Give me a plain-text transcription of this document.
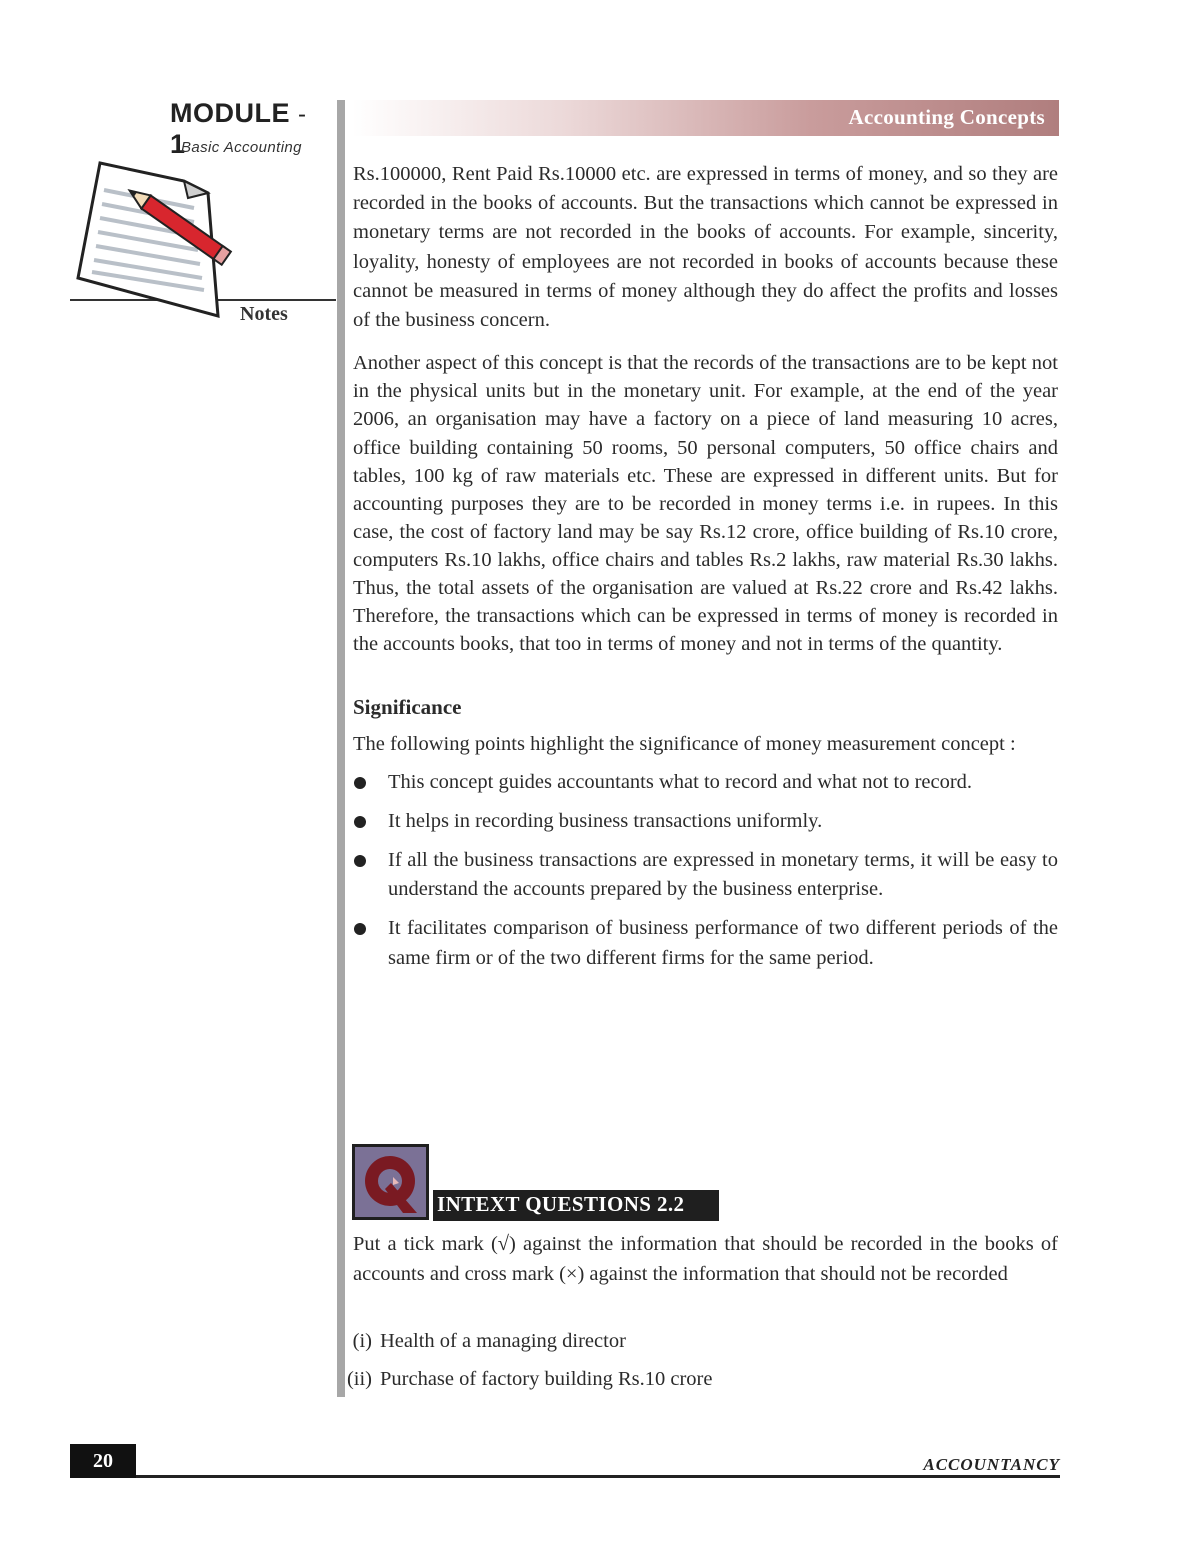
MODULE - 1
Basic Accounting
Notes
Accounting Concepts

Rs.100000, Rent Paid Rs.10000 etc. are expressed in terms of money, and so they are recorded in the books of accounts. But the transactions which cannot be expressed in monetary terms are not recorded in the books of accounts. For example, sincerity, loyality, honesty of employees are not recorded in books of accounts because these cannot be measured in terms of money although they do affect the profits and losses of the business concern.

Another aspect of this concept is that the records of the transactions are to be kept not in the physical units but in the monetary unit. For example, at the end of the year 2006, an organisation may have a factory on a piece of land measuring 10 acres, office building containing 50 rooms, 50 personal computers, 50 office chairs and tables, 100 kg of raw materials etc. These are expressed in different units. But for accounting purposes they are to be recorded in money terms i.e. in rupees. In this case, the cost of factory land may be say Rs.12 crore, office building of Rs.10 crore, computers Rs.10 lakhs, office chairs and tables Rs.2 lakhs, raw material Rs.30 lakhs. Thus, the total assets of the organisation are valued at Rs.22 crore and Rs.42 lakhs. Therefore, the transactions which can be expressed in terms of money is recorded in the accounts books, that too in terms of money and not in terms of the quantity.

Significance

The following points highlight the significance of money measurement concept :

This concept guides accountants what to record and what not to record.
It helps in recording business transactions uniformly.
If all the business transactions are expressed in monetary terms, it will be easy to understand the accounts prepared by the business enterprise.
It facilitates comparison of business performance of two different periods of the same firm or of the two different firms for the same period.
INTEXT QUESTIONS 2.2

Put a tick mark (√) against the information that should be recorded in the books of accounts and cross mark (×) against the information that should not be recorded

(i) Health of a managing director
(ii) Purchase of factory building Rs.10 crore
20	ACCOUNTANCY
